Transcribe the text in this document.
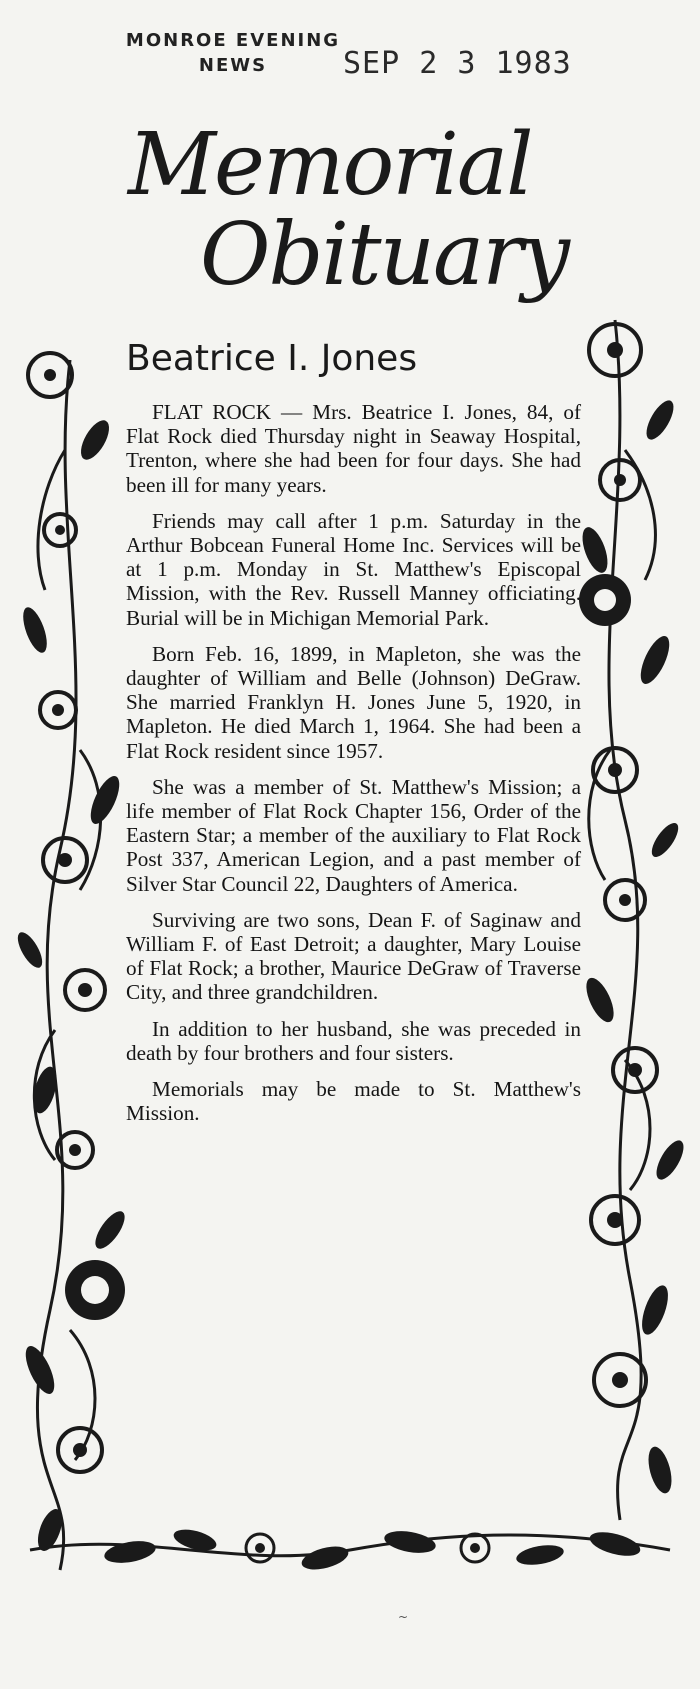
MONROE EVENING NEWS	SEP 2 3 1983
Memorial
Obituary
Beatrice I. Jones

FLAT ROCK — Mrs. Beatrice I. Jones, 84, of Flat Rock died Thursday night in Seaway Hospital, Trenton, where she had been for four days. She had been ill for many years.

Friends may call after 1 p.m. Saturday in the Arthur Bobcean Funeral Home Inc. Services will be at 1 p.m. Monday in St. Matthew's Episcopal Mission, with the Rev. Russell Manney officiating. Burial will be in Michigan Memorial Park.

Born Feb. 16, 1899, in Mapleton, she was the daughter of William and Belle (Johnson) DeGraw. She married Franklyn H. Jones June 5, 1920, in Mapleton. He died March 1, 1964. She had been a Flat Rock resident since 1957.

She was a member of St. Matthew's Mission; a life member of Flat Rock Chapter 156, Order of the Eastern Star; a member of the auxiliary to Flat Rock Post 337, American Legion, and a past member of Silver Star Council 22, Daughters of America.

Surviving are two sons, Dean F. of Saginaw and William F. of East Detroit; a daughter, Mary Louise of Flat Rock; a brother, Maurice DeGraw of Traverse City, and three grandchildren.

In addition to her husband, she was preceded in death by four brothers and four sisters.

Memorials may be made to St. Matthew's Mission.

~
